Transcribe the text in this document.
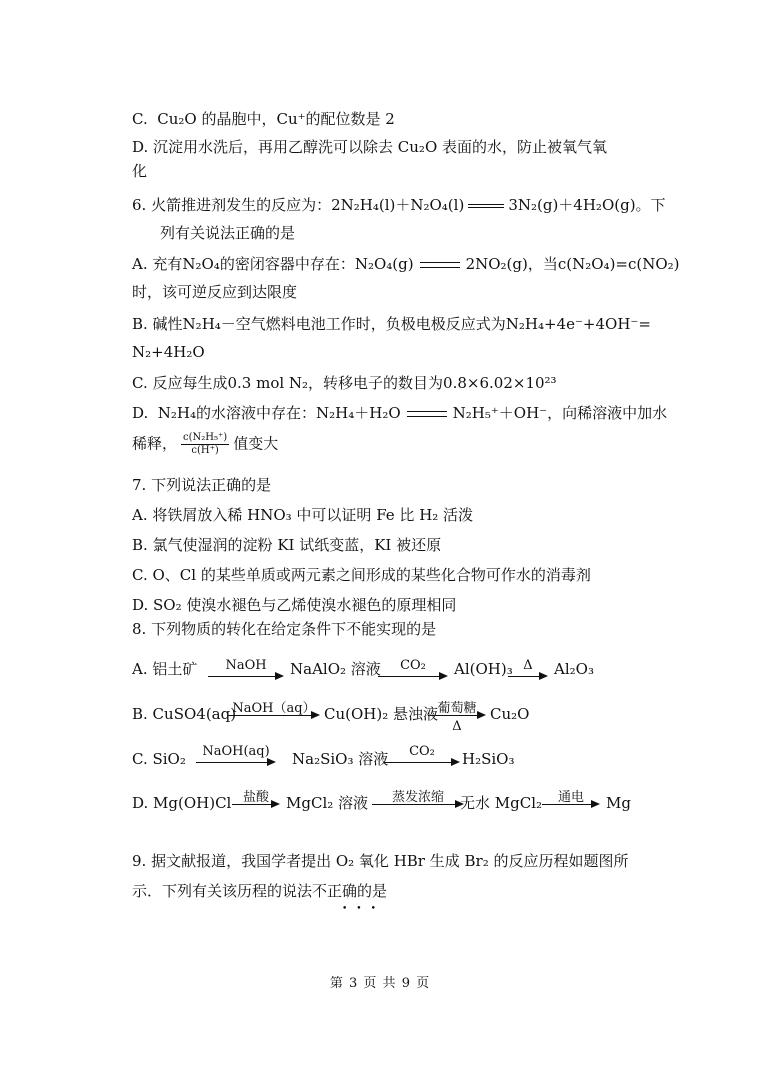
C.  Cu₂O 的晶胞中，Cu⁺的配位数是 2
D. 沉淀用水洗后，再用乙醇洗可以除去 Cu₂O 表面的水，防止被氧气氧
化
6. 火箭推进剂发生的反应为：2N₂H₄(l)＋N₂O₄(l)	3N₂(g)＋4H₂O(g)。下
列有关说法正确的是
A. 充有N₂O₄的密闭容器中存在：N₂O₄(g)	2NO₂(g)，当c(N₂O₄)=c(NO₂)
时，该可逆反应到达限度
B. 碱性N₂H₄－空气燃料电池工作时，负极电极反应式为N₂H₄+4e⁻+4OH⁻=
N₂+4H₂O
C. 反应每生成0.3 mol N₂，转移电子的数目为0.8×6.02×10²³
D.  N₂H₄的水溶液中存在：N₂H₄＋H₂O	N₂H₅⁺＋OH⁻，向稀溶液中加水
稀释， $\frac{\text{c(N₂H₅⁺)}}{c(H^+)}$ 值变大
7. 下列说法正确的是
A. 将铁屑放入稀 HNO₃ 中可以证明 Fe 比 H₂ 活泼
B. 氯气使湿润的淀粉 KI 试纸变蓝，KI 被还原
C. O、Cl 的某些单质或两元素之间形成的某些化合物可作水的消毒剂
D. SO₂ 使溴水褪色与乙烯使溴水褪色的原理相同
8. 下列物质的转化在给定条件下不能实现的是
A. 铝土矿	NaOH	NaAlO₂ 溶液	CO₂	Al(OH)₃ Δ	Al₂O₃
B. CuSO4(aq)
NaOH（aq） Cu(OH)₂ 悬浊液 葡萄糖
Δ
Cu₂O
C. SiO₂	NaOH(aq)	Na₂SiO₃ 溶液	CO₂	H₂SiO₃
D. Mg(OH)Cl 盐酸	MgCl₂ 溶液	蒸发浓缩	无水 MgCl₂	通电	Mg
9. 据文献报道，我国学者提出 O₂ 氧化 HBr 生成 Br₂ 的反应历程如题图所
示．下列有关该历程的说法不正确的是
•••
第 3 页 共 9 页
